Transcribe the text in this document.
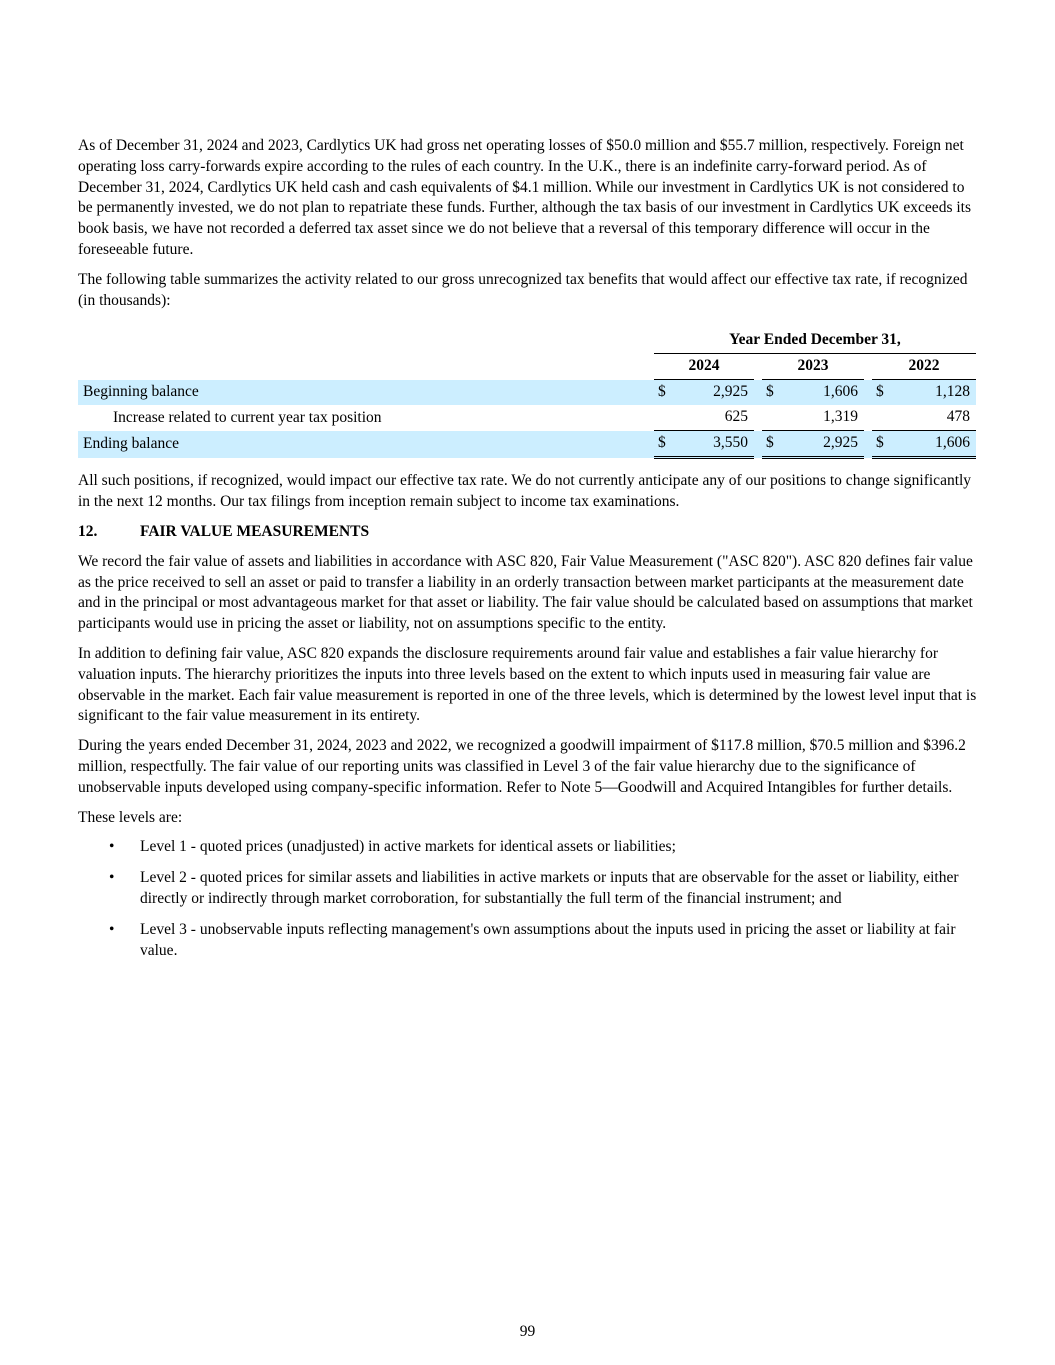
As of December 31, 2024 and 2023, Cardlytics UK had gross net operating losses of $50.0 million and $55.7 million, respectively. Foreign net operating loss carry-forwards expire according to the rules of each country. In the U.K., there is an indefinite carry-forward period. As of December 31, 2024, Cardlytics UK held cash and cash equivalents of $4.1 million. While our investment in Cardlytics UK is not considered to be permanently invested, we do not plan to repatriate these funds. Further, although the tax basis of our investment in Cardlytics UK exceeds its book basis, we have not recorded a deferred tax asset since we do not believe that a reversal of this temporary difference will occur in the foreseeable future.

The following table summarizes the activity related to our gross unrecognized tax benefits that would affect our effective tax rate, if recognized (in thousands):

		Year Ended December 31,							
		2024			2023			2022	
Beginning balance		$	2,925		$	1,606		$	1,128
Increase related to current year tax position			625			1,319			478
Ending balance		$	3,550		$	2,925		$	1,606

All such positions, if recognized, would impact our effective tax rate. We do not currently anticipate any of our positions to change significantly in the next 12 months. Our tax filings from inception remain subject to income tax examinations.

12.	FAIR VALUE MEASUREMENTS

We record the fair value of assets and liabilities in accordance with ASC 820, Fair Value Measurement ("ASC 820"). ASC 820 defines fair value as the price received to sell an asset or paid to transfer a liability in an orderly transaction between market participants at the measurement date and in the principal or most advantageous market for that asset or liability. The fair value should be calculated based on assumptions that market participants would use in pricing the asset or liability, not on assumptions specific to the entity.

In addition to defining fair value, ASC 820 expands the disclosure requirements around fair value and establishes a fair value hierarchy for valuation inputs. The hierarchy prioritizes the inputs into three levels based on the extent to which inputs used in measuring fair value are observable in the market. Each fair value measurement is reported in one of the three levels, which is determined by the lowest level input that is significant to the fair value measurement in its entirety.

During the years ended December 31, 2024, 2023 and 2022, we recognized a goodwill impairment of $117.8 million, $70.5 million and $396.2 million, respectfully. The fair value of our reporting units was classified in Level 3 of the fair value hierarchy due to the significance of unobservable inputs developed using company-specific information. Refer to Note 5—Goodwill and Acquired Intangibles for further details.

These levels are:

• Level 1 - quoted prices (unadjusted) in active markets for identical assets or liabilities;
• Level 2 - quoted prices for similar assets and liabilities in active markets or inputs that are observable for the asset or liability, either directly or indirectly through market corroboration, for substantially the full term of the financial instrument; and
• Level 3 - unobservable inputs reflecting management's own assumptions about the inputs used in pricing the asset or liability at fair value.
99
